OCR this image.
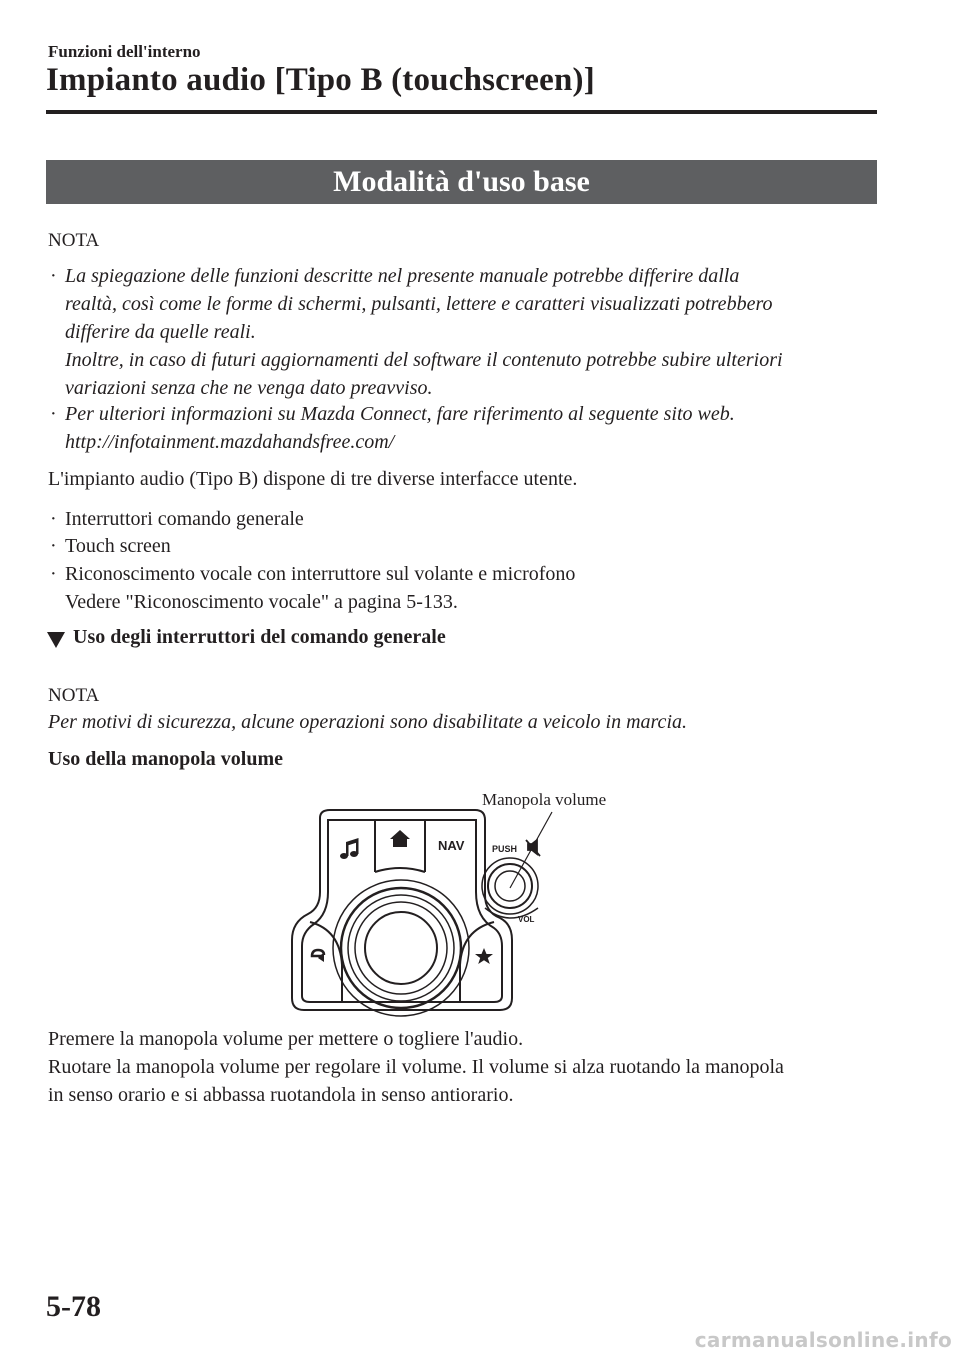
Funzioni dell'interno
Impianto audio [Tipo B (touchscreen)]
Modalità d'uso base
NOTA
· La spiegazione delle funzioni descritte nel presente manuale potrebbe differire dalla
realtà, così come le forme di schermi, pulsanti, lettere e caratteri visualizzati potrebbero
differire da quelle reali.
Inoltre, in caso di futuri aggiornamenti del software il contenuto potrebbe subire ulteriori
variazioni senza che ne venga dato preavviso.
· Per ulteriori informazioni su Mazda Connect, fare riferimento al seguente sito web.
http://infotainment.mazdahandsfree.com/
L'impianto audio (Tipo B) dispone di tre diverse interfacce utente.
· Interruttori comando generale
· Touch screen
· Riconoscimento vocale con interruttore sul volante e microfono
Vedere "Riconoscimento vocale" a pagina 5-133.
Uso degli interruttori del comando generale
NOTA
Per motivi di sicurezza, alcune operazioni sono disabilitate a veicolo in marcia.
Uso della manopola volume
Manopola volume
NAV	PUSH
VOL
Premere la manopola volume per mettere o togliere l'audio.
Ruotare la manopola volume per regolare il volume. Il volume si alza ruotando la manopola
in senso orario e si abbassa ruotandola in senso antiorario.
5-78
carmanualsonline.info
